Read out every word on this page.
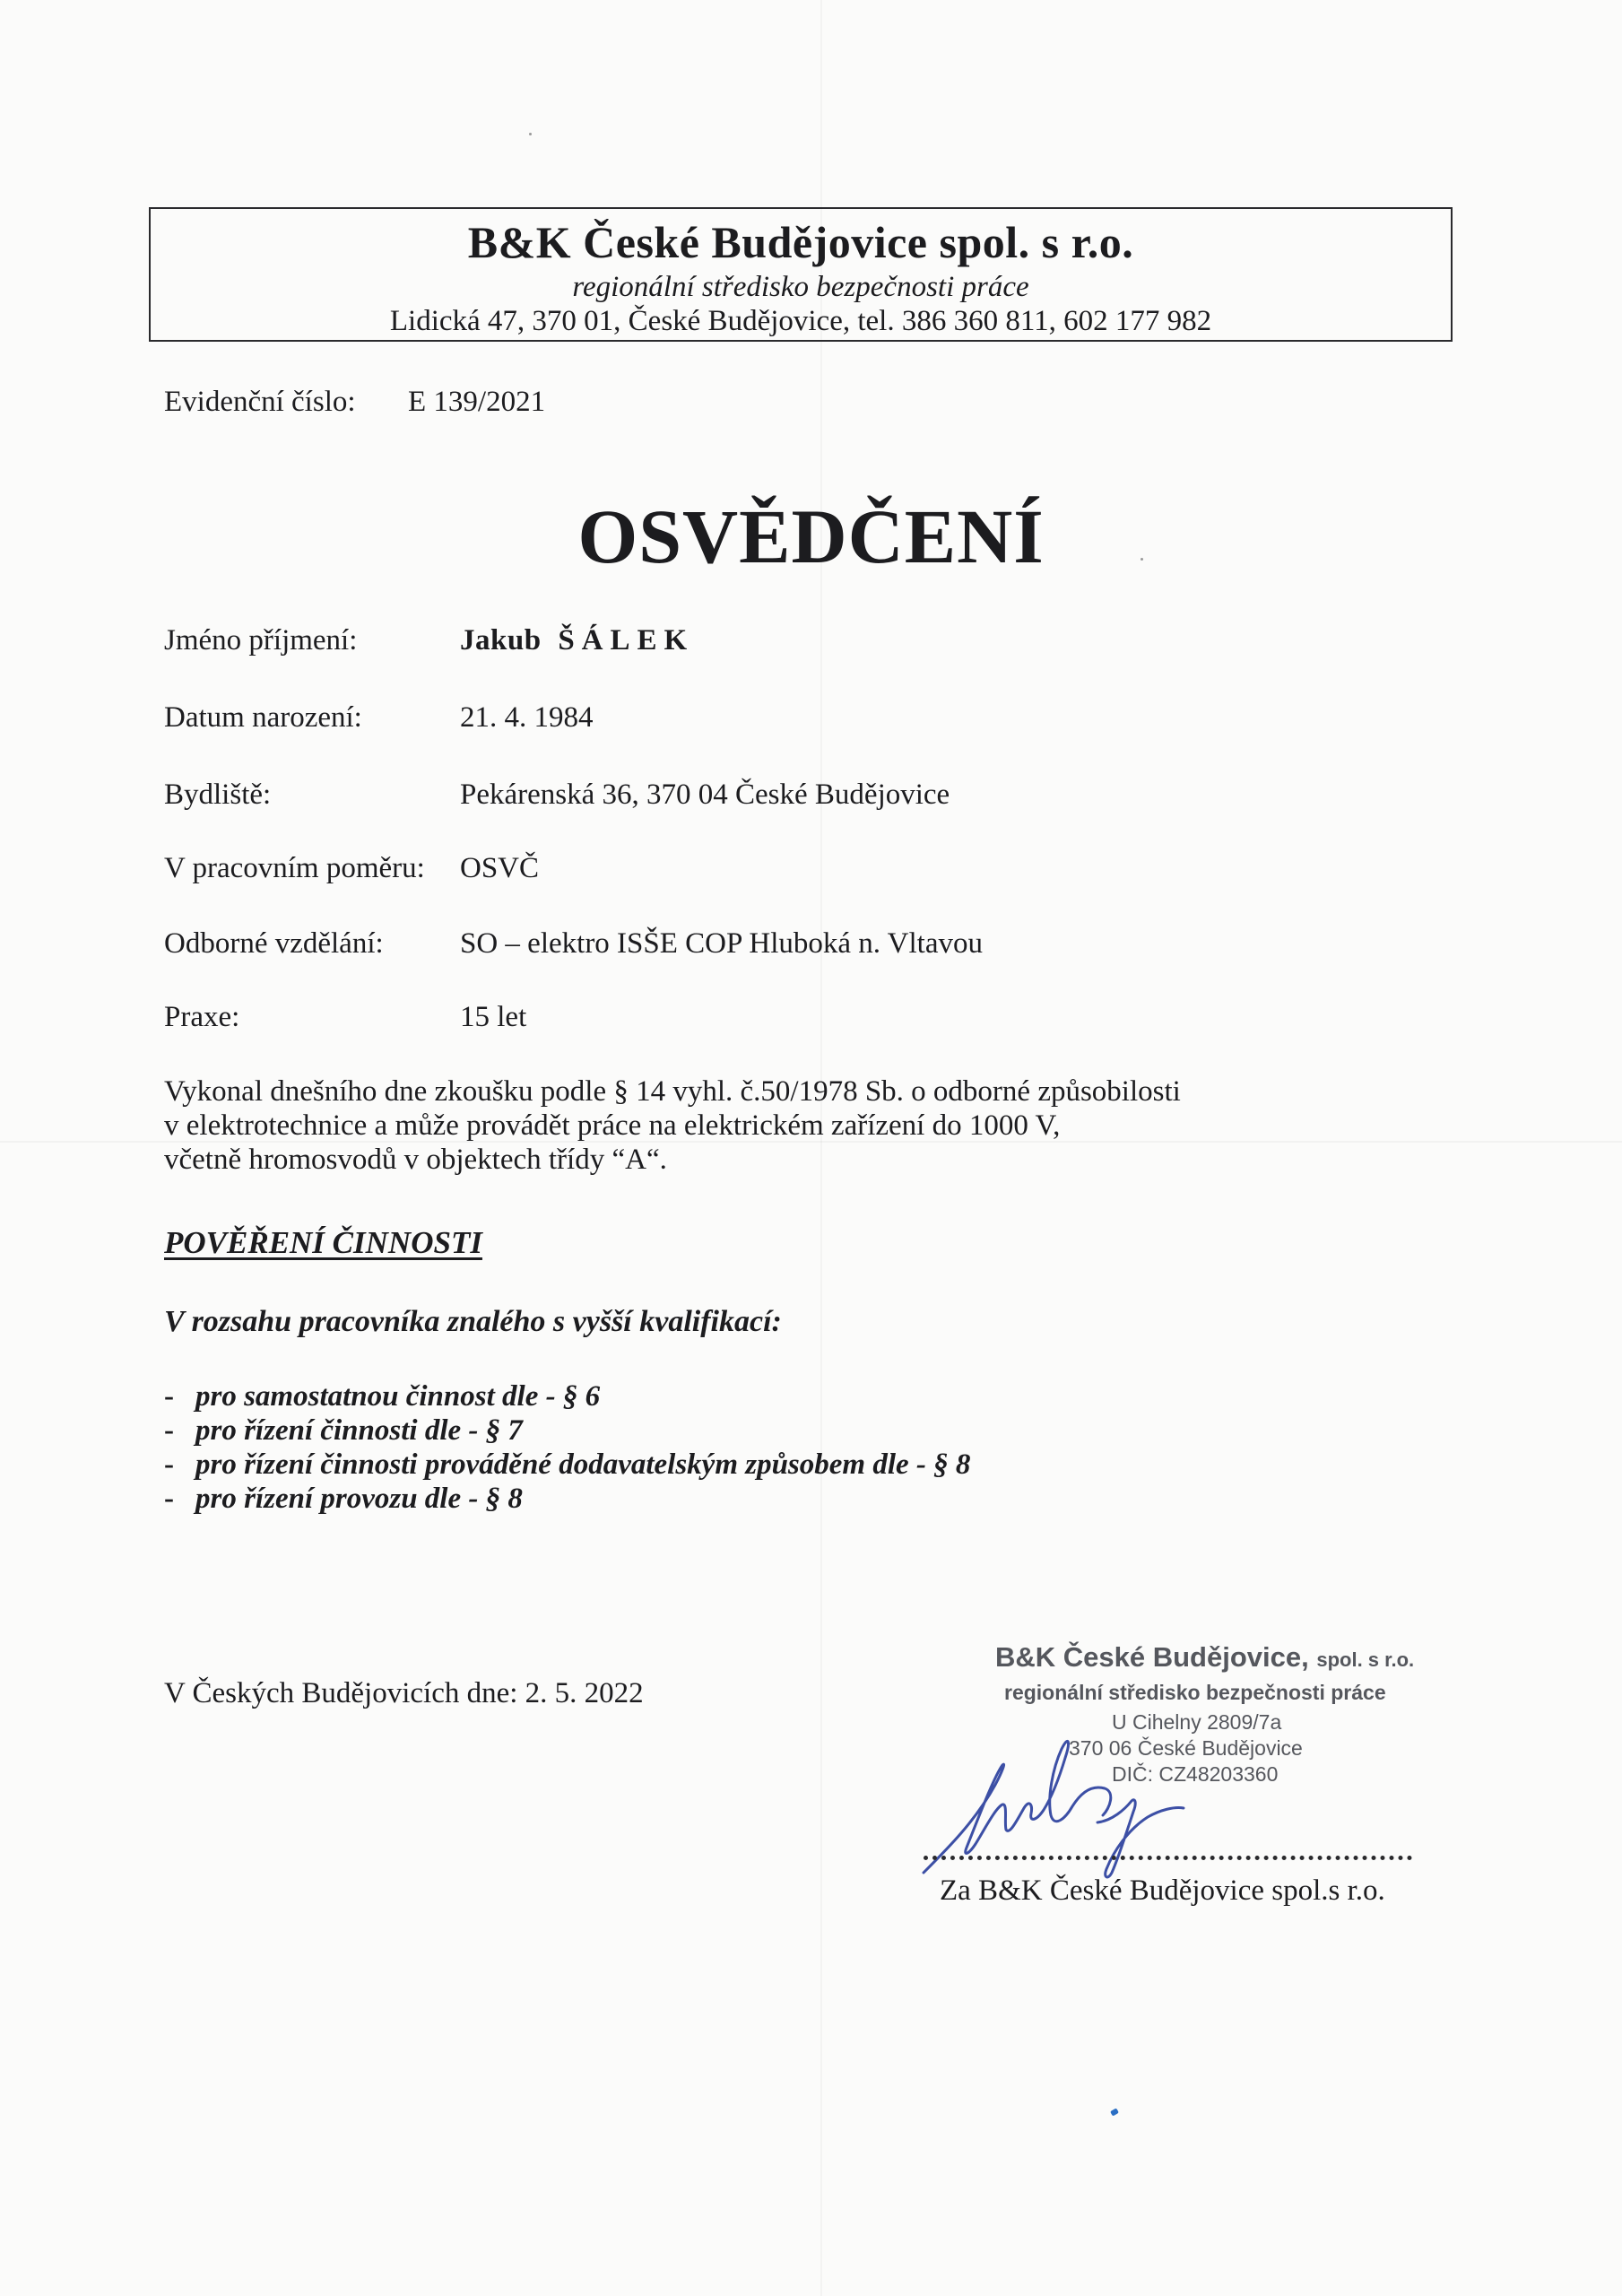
B&K České Budějovice spol. s r.o.
regionální středisko bezpečnosti práce
Lidická 47, 370 01, České Budějovice, tel. 386 360 811, 602 177 982
Evidenční číslo: E 139/2021
OSVĚDČENÍ
Jméno příjmení:	Jakub ŠÁLEK
Datum narození:	21. 4. 1984
Bydliště:	Pekárenská 36, 370 04 České Budějovice
V pracovním poměru: OSVČ
Odborné vzdělání:	SO – elektro ISŠE COP Hluboká n. Vltavou
Praxe:	15 let
Vykonal dnešního dne zkoušku podle § 14 vyhl. č.50/1978 Sb. o odborné způsobilosti
v elektrotechnice a může provádět práce na elektrickém zařízení do 1000 V,
včetně hromosvodů v objektech třídy “A“.
POVĚŘENÍ ČINNOSTI
V rozsahu pracovníka znalého s vyšší kvalifikací:
- pro samostatnou činnost dle - § 6
- pro řízení činnosti dle - § 7
- pro řízení činnosti prováděné dodavatelským způsobem dle - § 8
- pro řízení provozu dle - § 8
V Českých Budějovicích dne: 2. 5. 2022
B&K České Budějovice, spol. s r.o.
regionální středisko bezpečnosti práce
U Cihelny 2809/7a
370 06 České Budějovice
DIČ: CZ48203360
Za B&K České Budějovice spol.s r.o.
